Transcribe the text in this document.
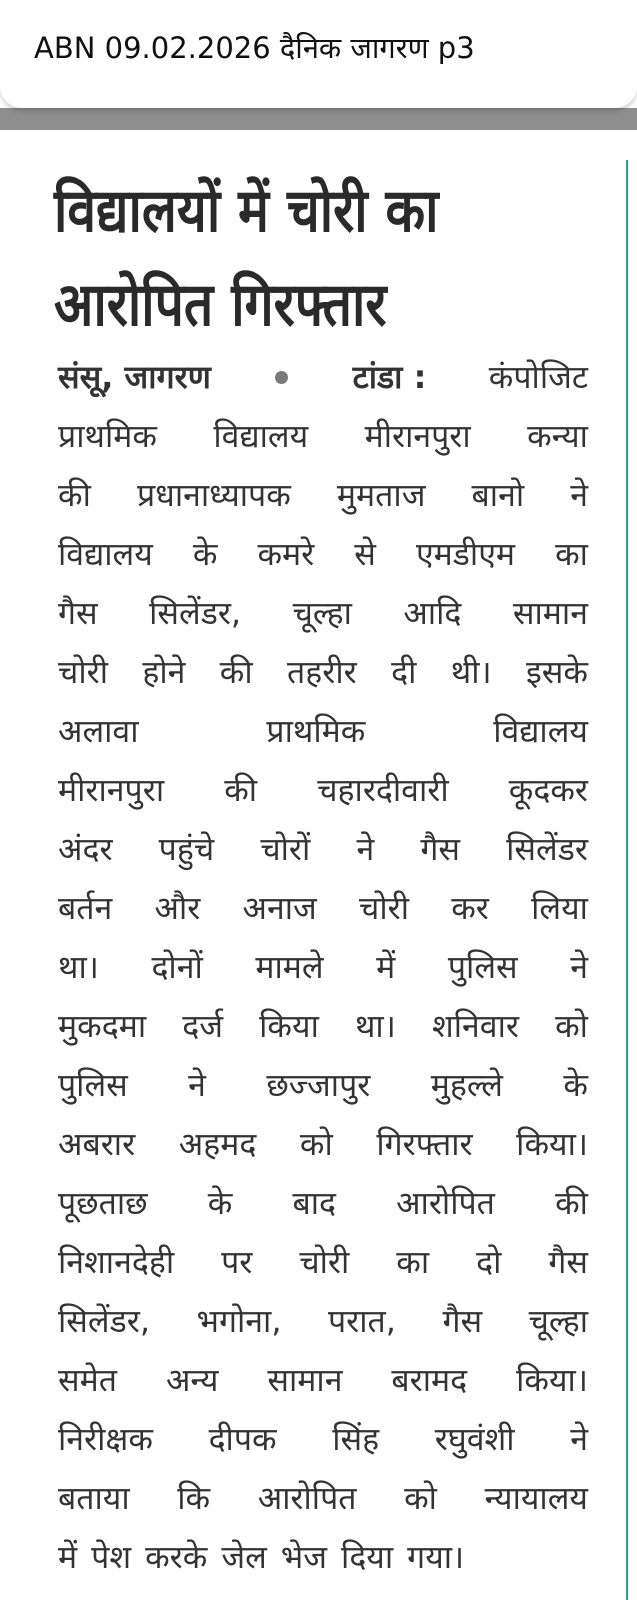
ABN 09.02.2026 दैनिक जागरण p3
विद्यालयों में चोरी का
आरोपित गिरफ्तार
संसू, जागरण	टांडा : कंपोजिट
प्राथमिक विद्यालय मीरानपुरा कन्या
की प्रधानाध्यापक मुमताज बानो ने
विद्यालय के कमरे से एमडीएम का
गैस सिलेंडर, चूल्हा आदि सामान
चोरी होने की तहरीर दी थी। इसके
अलावा	प्राथमिक	विद्यालय
मीरानपुरा की चहारदीवारी कूदकर
अंदर पहुंचे चोरों ने गैस सिलेंडर
बर्तन और अनाज चोरी कर लिया
था। दोनों मामले में पुलिस ने
मुकदमा दर्ज किया था। शनिवार को
पुलिस ने छज्जापुर मुहल्ले के
अबरार अहमद को गिरफ्तार किया।
पूछताछ के बाद आरोपित की
निशानदेही पर चोरी का दो गैस
सिलेंडर, भगोना, परात, गैस चूल्हा
समेत अन्य सामान बरामद किया।
निरीक्षक दीपक सिंह रघुवंशी ने
बताया कि आरोपित को न्यायालय
में पेश करके जेल भेज दिया गया।
